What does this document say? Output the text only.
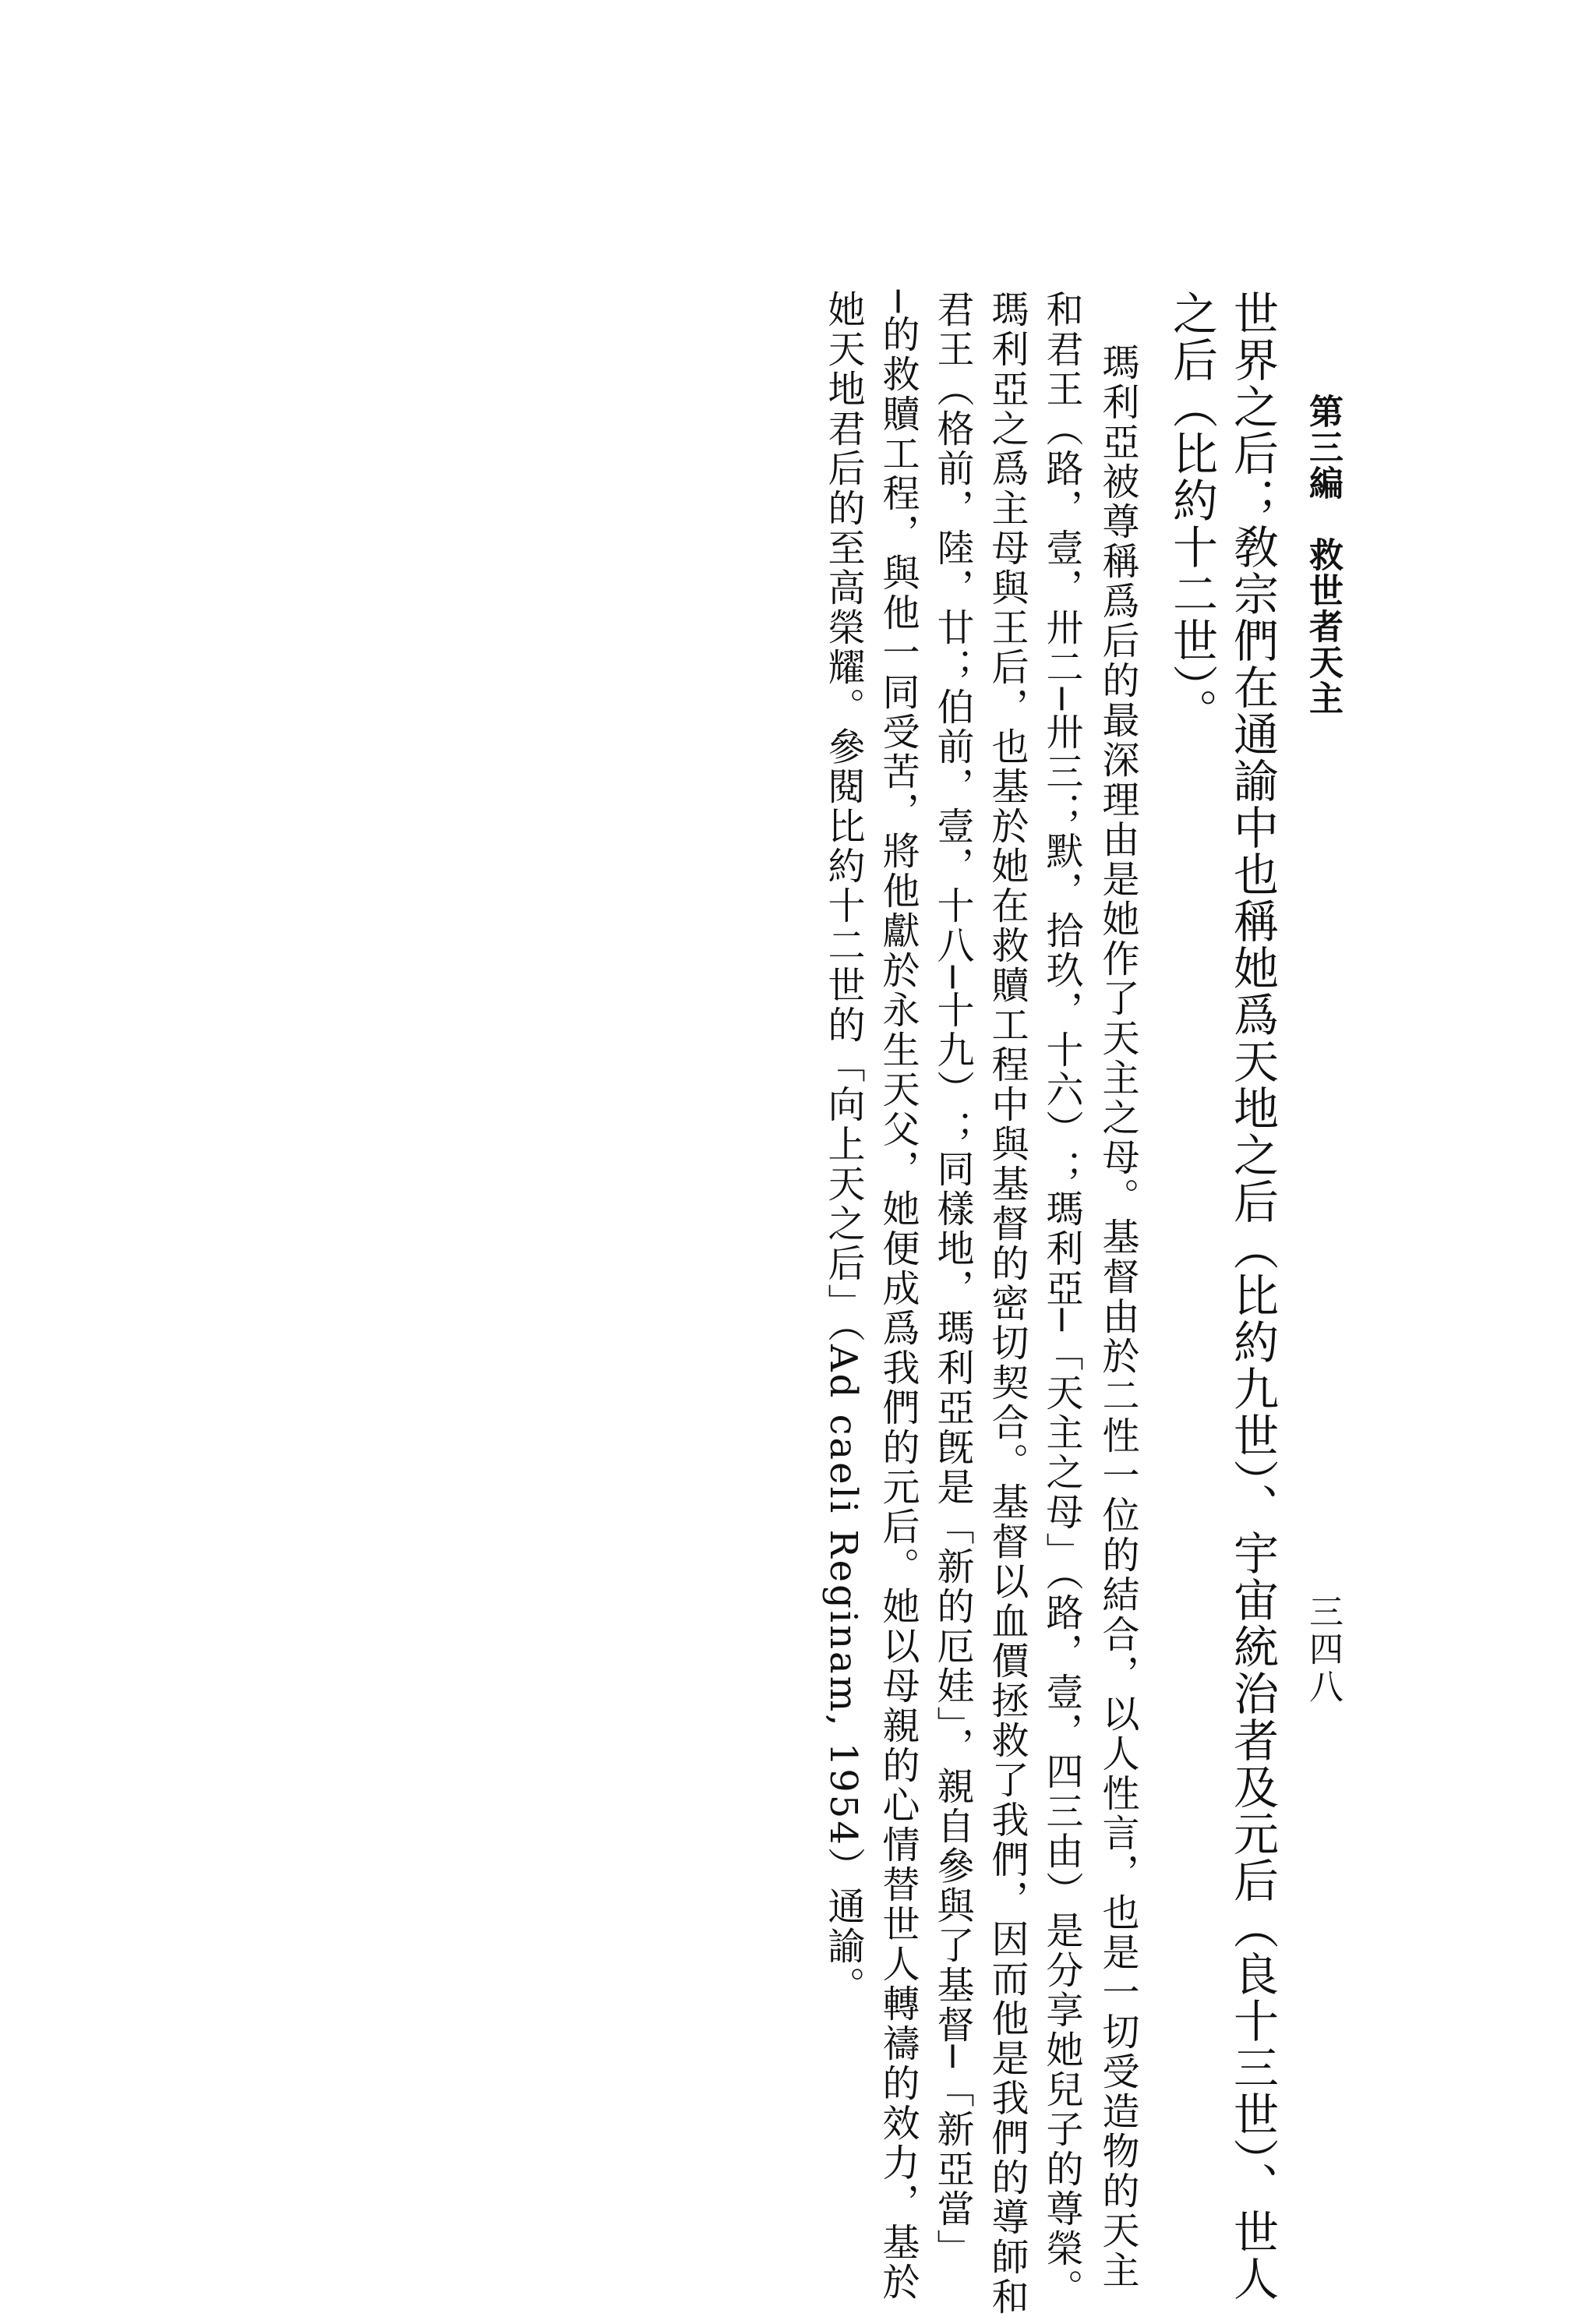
第三編　救世者天主
三四八
世界之后；敎宗們在通諭中也稱她爲天地之后（比約九世）、宇宙統治者及元后（良十三世）、世人
之后（比約十二世）。
瑪利亞被尊稱爲后的最深理由是她作了天主之母。基督由於二性一位的結合，以人性言，也是一切受造物的天主
和君王（路，壹，卅二─卅三；默，拾玖，十六）；瑪利亞─「天主之母」（路，壹，四三由）是分享她兒子的尊榮。
瑪利亞之爲主母與王后，也基於她在救贖工程中與基督的密切契合。基督以血價拯救了我們，因而他是我們的導師和
君王（格前，陸，廿；伯前，壹，十八─十九）；同樣地，瑪利亞旣是「新的厄娃」，親自參與了基督─「新亞當」
─的救贖工程，與他一同受苦，將他獻於永生天父，她便成爲我們的元后。她以母親的心情替世人轉禱的效力，基於
她天地君后的至高榮耀。參閱比約十二世的「向上天之后」（Ad caeli Reginam, 1954）通諭。
